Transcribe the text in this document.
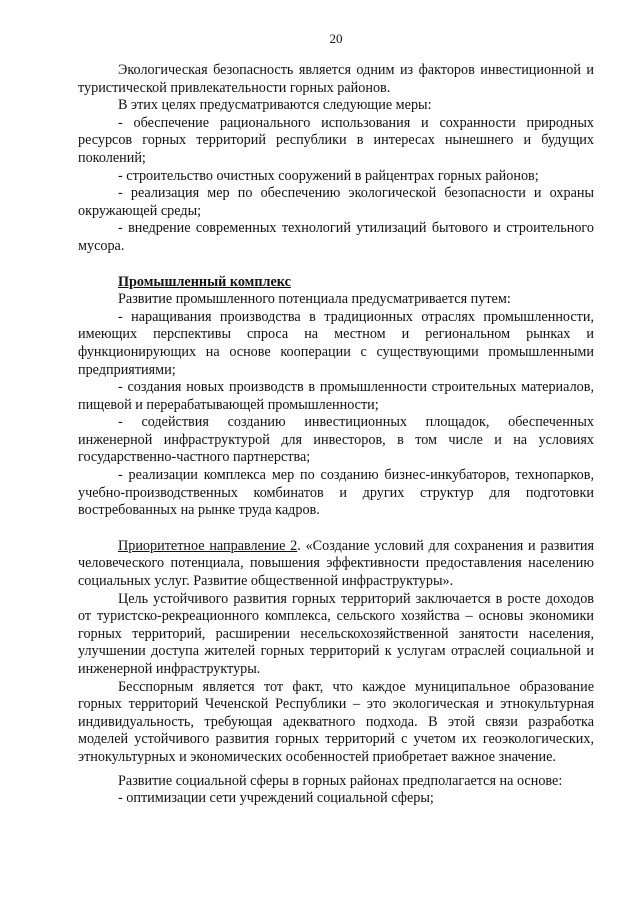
20

Экологическая безопасность является одним из факторов инвестиционной и туристической привлекательности горных районов.

В этих целях предусматриваются следующие меры:

- обеспечение рационального использования и сохранности природных ресурсов горных территорий республики в интересах нынешнего и будущих поколений;

- строительство очистных сооружений в райцентрах горных районов;

- реализация мер по обеспечению экологической безопасности и охраны окружающей среды;

- внедрение современных технологий утилизаций бытового и строительного мусора.

Промышленный комплекс

Развитие промышленного потенциала предусматривается путем:

- наращивания производства в традиционных отраслях промышленности, имеющих перспективы спроса на местном и региональном рынках и функционирующих на основе кооперации с существующими промышленными предприятиями;

- создания новых производств в промышленности строительных материалов, пищевой и перерабатывающей промышленности;

- содействия созданию инвестиционных площадок, обеспеченных инженерной инфраструктурой для инвесторов, в том числе и на условиях государственно-частного партнерства;

- реализации комплекса мер по созданию бизнес-инкубаторов, технопарков, учебно-производственных комбинатов и других структур для подготовки востребованных на рынке труда кадров.

Приоритетное направление 2. «Создание условий для сохранения и развития человеческого потенциала, повышения эффективности предоставления населению социальных услуг. Развитие общественной инфраструктуры».

Цель устойчивого развития горных территорий заключается в росте доходов от туристско-рекреационного комплекса, сельского хозяйства – основы экономики горных территорий, расширении несельскохозяйственной занятости населения, улучшении доступа жителей горных территорий к услугам отраслей социальной и инженерной инфраструктуры.

Бесспорным является тот факт, что каждое муниципальное образование горных территорий Чеченской Республики – это экологическая и этнокультурная индивидуальность, требующая адекватного подхода. В этой связи разработка моделей устойчивого развития горных территорий с учетом их геоэкологических, этнокультурных и экономических особенностей приобретает важное значение.

Развитие социальной сферы в горных районах предполагается на основе:

- оптимизации сети учреждений социальной сферы;
